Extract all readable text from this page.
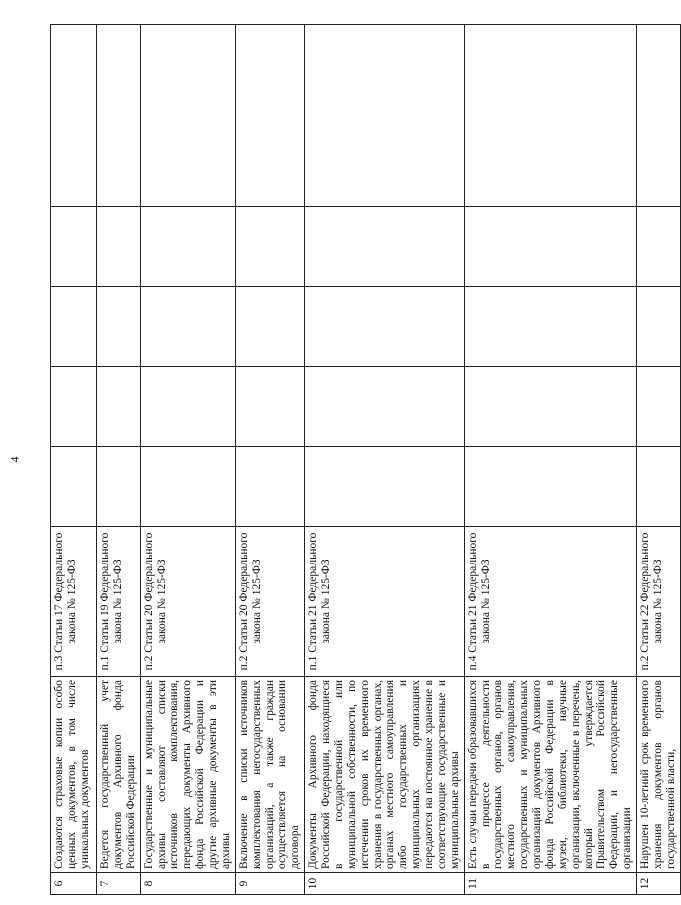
4
6	Создаются страховые копии особо ценных документов, в том числе уникальных документов	п.3 Статьи 17 Федерального закона № 125-ФЗ					
7	Ведется государственный учет документов Архивного фонда Российской Федерации	п.1 Статьи 19 Федерального закона № 125-ФЗ					
8	Государственные и муниципальные архивы составляют списки источников комплектования, передающих документы Архивного фонда Российской Федерации и другие архивные документы в эти архивы	п.2 Статьи 20 Федерального закона № 125-ФЗ					
9	Включение в списки источников комплектования негосударственных организаций, а также граждан осуществляется на основании договора	п.2 Статьи 20 Федерального закона № 125-ФЗ					
10	Документы Архивного фонда Российской Федерации, находящиеся в государственной или муниципальной собственности, по истечении сроков их временного хранения в государственных органах, органах местного самоуправления либо государственных и муниципальных организациях передаются на постоянное хранение в соответствующие государственные и муниципальные архивы	п.1 Статьи 21 Федерального закона № 125-ФЗ					
11	Есть случаи передачи образовавшихся в процессе деятельности государственных органов, органов местного самоуправления, государственных и муниципальных организаций документов Архивного фонда Российской Федерации в музеи, библиотеки, научные организации, включенные в перечень, который утверждается Правительством Российской Федерации, и негосударственные организации	п.4 Статьи 21 Федерального закона № 125-ФЗ					
12	Нарушен 10-летний срок временного хранения документов органов государственной власти,	п.2 Статьи 22 Федерального закона № 125-ФЗ					
